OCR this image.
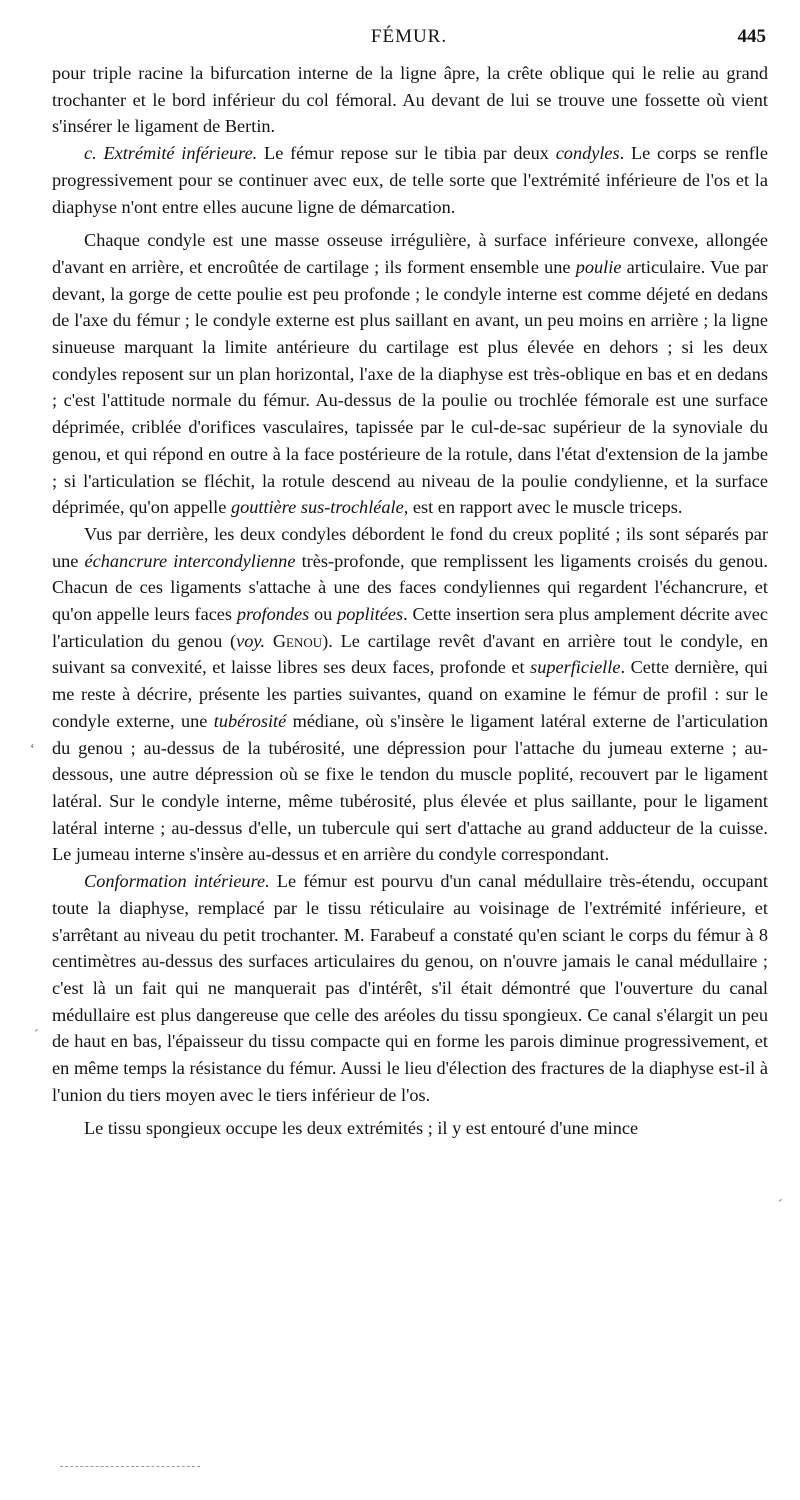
FÉMUR.	445

pour triple racine la bifurcation interne de la ligne âpre, la crête oblique qui le relie au grand trochanter et le bord inférieur du col fémoral. Au devant de lui se trouve une fossette où vient s'insérer le ligament de Bertin.

c. Extrémité inférieure. Le fémur repose sur le tibia par deux condyles. Le corps se renfle progressivement pour se continuer avec eux, de telle sorte que l'extrémité inférieure de l'os et la diaphyse n'ont entre elles aucune ligne de démarcation.

Chaque condyle est une masse osseuse irrégulière, à surface inférieure convexe, allongée d'avant en arrière, et encroûtée de cartilage ; ils forment ensemble une poulie articulaire. Vue par devant, la gorge de cette poulie est peu profonde ; le condyle interne est comme déjeté en dedans de l'axe du fémur ; le condyle externe est plus saillant en avant, un peu moins en arrière ; la ligne sinueuse marquant la limite antérieure du cartilage est plus élevée en dehors ; si les deux condyles reposent sur un plan horizontal, l'axe de la diaphyse est très-oblique en bas et en dedans ; c'est l'attitude normale du fémur. Au-dessus de la poulie ou trochlée fémorale est une surface déprimée, criblée d'orifices vasculaires, tapissée par le cul-de-sac supérieur de la synoviale du genou, et qui répond en outre à la face postérieure de la rotule, dans l'état d'extension de la jambe ; si l'articulation se fléchit, la rotule descend au niveau de la poulie condylienne, et la surface déprimée, qu'on appelle gouttière sus-trochléale, est en rapport avec le muscle triceps.

Vus par derrière, les deux condyles débordent le fond du creux poplité ; ils sont séparés par une échancrure intercondylienne très-profonde, que remplissent les ligaments croisés du genou. Chacun de ces ligaments s'attache à une des faces condyliennes qui regardent l'échancrure, et qu'on appelle leurs faces profondes ou poplitées. Cette insertion sera plus amplement décrite avec l'articulation du genou (voy. Genou). Le cartilage revêt d'avant en arrière tout le condyle, en suivant sa convexité, et laisse libres ses deux faces, profonde et superficielle. Cette dernière, qui me reste à décrire, présente les parties suivantes, quand on examine le fémur de profil : sur le condyle externe, une tubérosité médiane, où s'insère le ligament latéral externe de l'articulation du genou ; au-dessus de la tubérosité, une dépression pour l'attache du jumeau externe ; au-dessous, une autre dépression où se fixe le tendon du muscle poplité, recouvert par le ligament latéral. Sur le condyle interne, même tubérosité, plus élevée et plus saillante, pour le ligament latéral interne ; au-dessus d'elle, un tubercule qui sert d'attache au grand adducteur de la cuisse. Le jumeau interne s'insère au-dessus et en arrière du condyle correspondant.

Conformation intérieure. Le fémur est pourvu d'un canal médullaire très-étendu, occupant toute la diaphyse, remplacé par le tissu réticulaire au voisinage de l'extrémité inférieure, et s'arrêtant au niveau du petit trochanter. M. Farabeuf a constaté qu'en sciant le corps du fémur à 8 centimètres au-dessus des surfaces articulaires du genou, on n'ouvre jamais le canal médullaire ; c'est là un fait qui ne manquerait pas d'intérêt, s'il était démontré que l'ouverture du canal médullaire est plus dangereuse que celle des aréoles du tissu spongieux. Ce canal s'élargit un peu de haut en bas, l'épaisseur du tissu compacte qui en forme les parois diminue progressivement, et en même temps la résistance du fémur. Aussi le lieu d'élection des fractures de la diaphyse est-il à l'union du tiers moyen avec le tiers inférieur de l'os.

Le tissu spongieux occupe les deux extrémités ; il y est entouré d'une mince

‘
´
´
